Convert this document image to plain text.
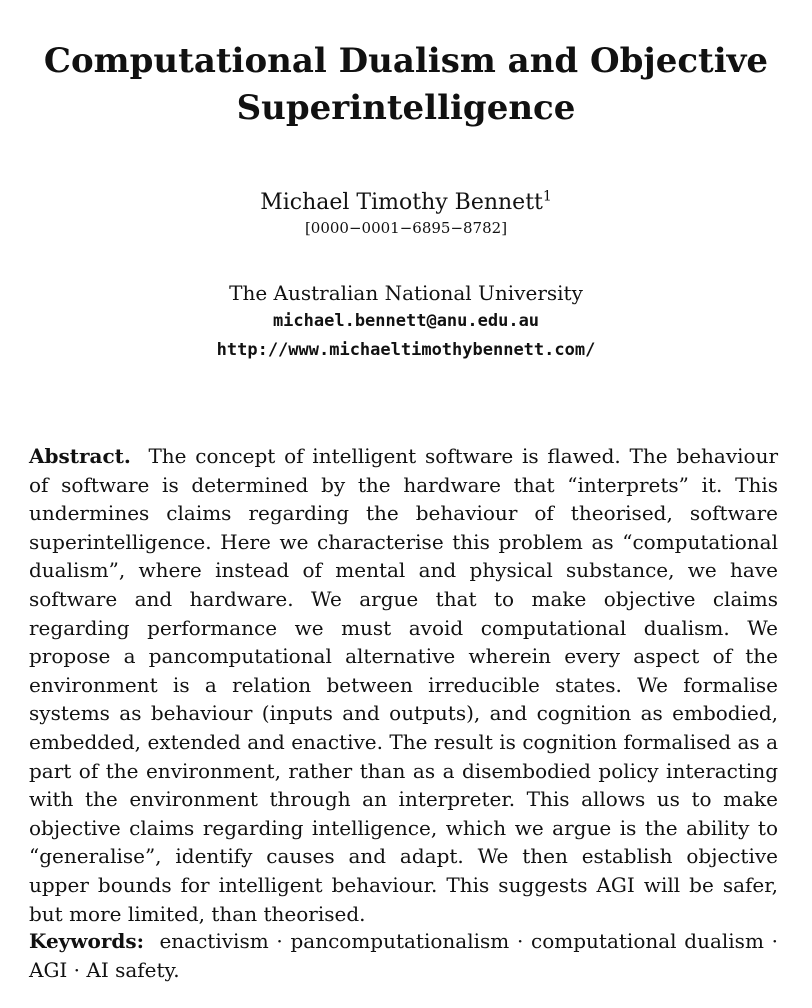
Computational Dualism and Objective Superintelligence
Michael Timothy Bennett$^1$
[0000−0001−6895−8782]
The Australian National University
michael.bennett@anu.edu.au
http://www.michaeltimothybennett.com/

Abstract. The concept of intelligent software is flawed. The behaviour of software is determined by the hardware that “interprets” it. This undermines claims regarding the behaviour of theorised, software superintelligence. Here we characterise this problem as “computational dualism”, where instead of mental and physical substance, we have software and hardware. We argue that to make objective claims regarding performance we must avoid computational dualism. We propose a pancomputational alternative wherein every aspect of the environment is a relation between irreducible states. We formalise systems as behaviour (inputs and outputs), and cognition as embodied, embedded, extended and enactive. The result is cognition formalised as a part of the environment, rather than as a disembodied policy interacting with the environment through an interpreter. This allows us to make objective claims regarding intelligence, which we argue is the ability to “generalise”, identify causes and adapt. We then establish objective upper bounds for intelligent behaviour. This suggests AGI will be safer, but more limited, than theorised.

Keywords: enactivism · pancomputationalism · computational dualism · AGI · AI safety.
